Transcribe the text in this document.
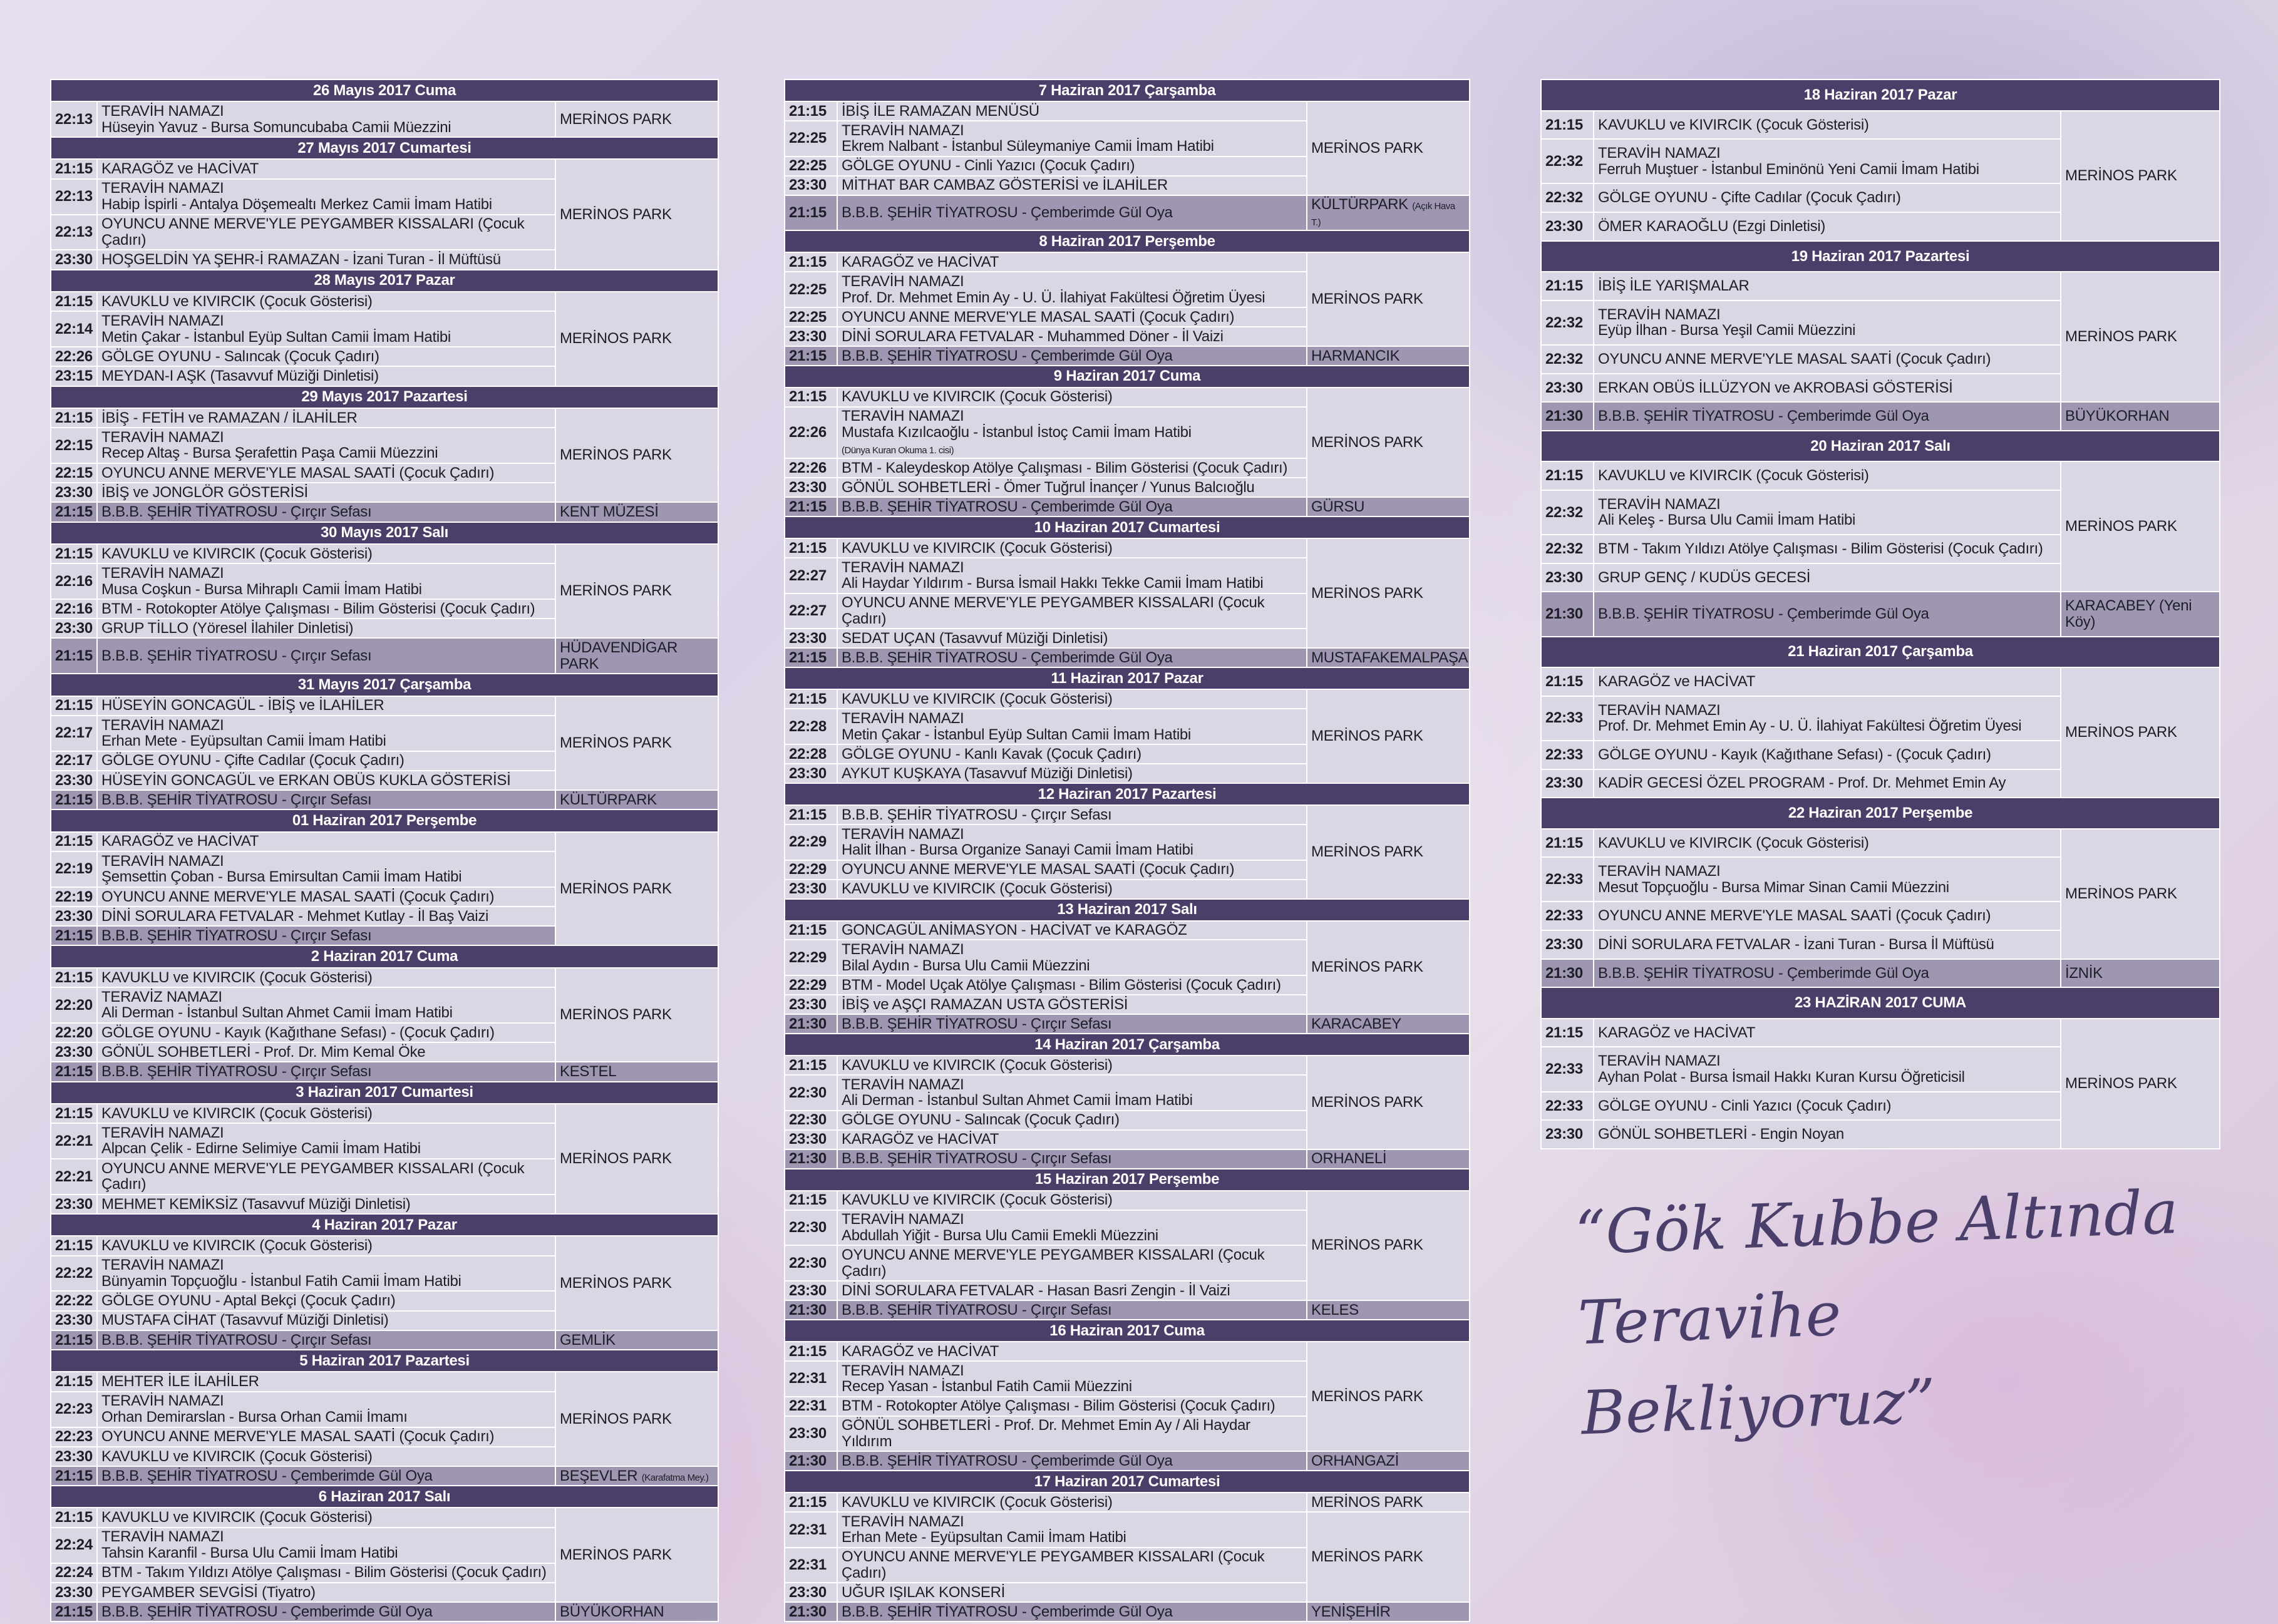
26 Mayıs 2017 Cuma			
22:13	TERAVİH NAMAZI
Hüseyin Yavuz - Bursa Somuncubaba Camii Müezzini	MERİNOS PARK	
27 Mayıs 2017 Cumartesi			
21:15	KARAGÖZ ve HACİVAT	MERİNOS PARK	
22:13	TERAVİH NAMAZI
Habip İspirli - Antalya Döşemealtı Merkez Camii İmam Hatibi		

22:13	OYUNCU ANNE MERVE'YLE PEYGAMBER KISSALARI (Çocuk Çadırı)		
23:30	HOŞGELDİN YA ŞEHR-İ RAMAZAN - İzani Turan - İl Müftüsü		
28 Mayıs 2017 Pazar			
21:15	KAVUKLU ve KIVIRCIK (Çocuk Gösterisi)	MERİNOS PARK	
22:14	TERAVİH NAMAZI
Metin Çakar - İstanbul Eyüp Sultan Camii İmam Hatibi		

22:26	GÖLGE OYUNU - Salıncak (Çocuk Çadırı)		
23:15	MEYDAN-I AŞK (Tasavvuf Müziği Dinletisi)		
29 Mayıs 2017 Pazartesi			
21:15	İBİŞ - FETİH ve RAMAZAN / İLAHİLER	MERİNOS PARK	
22:15	TERAVİH NAMAZI
Recep Altaş - Bursa Şerafettin Paşa Camii Müezzini		

22:15	OYUNCU ANNE MERVE'YLE MASAL SAATİ (Çocuk Çadırı)		
23:30	İBİŞ ve JONGLÖR GÖSTERİSİ		
21:15	B.B.B. ŞEHİR TİYATROSU - Çırçır Sefası	KENT MÜZESİ	
30 Mayıs 2017 Salı			
21:15	KAVUKLU ve KIVIRCIK (Çocuk Gösterisi)	MERİNOS PARK	
22:16	TERAVİH NAMAZI
Musa Coşkun - Bursa Mihraplı Camii İmam Hatibi		

22:16	BTM - Rotokopter Atölye Çalışması - Bilim Gösterisi (Çocuk Çadırı)		
23:30	GRUP TİLLO (Yöresel İlahiler Dinletisi)		
21:15	B.B.B. ŞEHİR TİYATROSU - Çırçır Sefası	HÜDAVENDİGAR PARK	
31 Mayıs 2017 Çarşamba			
21:15	HÜSEYİN GONCAGÜL - İBİŞ ve İLAHİLER	MERİNOS PARK	
22:17	TERAVİH NAMAZI
Erhan Mete - Eyüpsultan Camii İmam Hatibi		

22:17	GÖLGE OYUNU - Çifte Cadılar (Çocuk Çadırı)		
23:30	HÜSEYİN GONCAGÜL ve ERKAN OBÜS KUKLA GÖSTERİSİ		
21:15	B.B.B. ŞEHİR TİYATROSU - Çırçır Sefası	KÜLTÜRPARK	
01 Haziran 2017 Perşembe			
21:15	KARAGÖZ ve HACİVAT	MERİNOS PARK	
22:19	TERAVİH NAMAZI
Şemsettin Çoban - Bursa Emirsultan Camii İmam Hatibi		

22:19	OYUNCU ANNE MERVE'YLE MASAL SAATİ (Çocuk Çadırı)		
23:30	DİNİ SORULARA FETVALAR - Mehmet Kutlay - İl Baş Vaizi		
21:15	B.B.B. ŞEHİR TİYATROSU - Çırçır Sefası	
2 Haziran 2017 Cuma			
21:15	KAVUKLU ve KIVIRCIK (Çocuk Gösterisi)	MERİNOS PARK	
22:20	TERAVİZ NAMAZI
Ali Derman - İstanbul Sultan Ahmet Camii İmam Hatibi		

22:20	GÖLGE OYUNU - Kayık (Kağıthane Sefası) - (Çocuk Çadırı)		
23:30	GÖNÜL SOHBETLERİ - Prof. Dr. Mim Kemal Öke		
21:15	B.B.B. ŞEHİR TİYATROSU - Çırçır Sefası	KESTEL	
3 Haziran 2017 Cumartesi			
21:15	KAVUKLU ve KIVIRCIK (Çocuk Gösterisi)	MERİNOS PARK	
22:21	TERAVİH NAMAZI
Alpcan Çelik - Edirne Selimiye Camii İmam Hatibi		

22:21	OYUNCU ANNE MERVE'YLE PEYGAMBER KISSALARI (Çocuk Çadırı)		
23:30	MEHMET KEMİKSİZ (Tasavvuf Müziği Dinletisi)		
4 Haziran 2017 Pazar			
21:15	KAVUKLU ve KIVIRCIK (Çocuk Gösterisi)	MERİNOS PARK	
22:22	TERAVİH NAMAZI
Bünyamin Topçuoğlu - İstanbul Fatih Camii İmam Hatibi		

22:22	GÖLGE OYUNU - Aptal Bekçi (Çocuk Çadırı)		
23:30	MUSTAFA CİHAT (Tasavvuf Müziği Dinletisi)		
21:15	B.B.B. ŞEHİR TİYATROSU - Çırçır Sefası	GEMLİK	
5 Haziran 2017 Pazartesi			
21:15	MEHTER İLE İLAHİLER	MERİNOS PARK	
22:23	TERAVİH NAMAZI
Orhan Demirarslan - Bursa Orhan Camii İmamı		

22:23	OYUNCU ANNE MERVE'YLE MASAL SAATİ (Çocuk Çadırı)		
23:30	KAVUKLU ve KIVIRCIK (Çocuk Gösterisi)		
21:15	B.B.B. ŞEHİR TİYATROSU - Çemberimde Gül Oya	BEŞEVLER (Karafatma Mey.)	
6 Haziran 2017 Salı			
21:15	KAVUKLU ve KIVIRCIK (Çocuk Gösterisi)	MERİNOS PARK	
22:24	TERAVİH NAMAZI
Tahsin Karanfil - Bursa Ulu Camii İmam Hatibi		

22:24	BTM - Takım Yıldızı Atölye Çalışması - Bilim Gösterisi (Çocuk Çadırı)		
23:30	PEYGAMBER SEVGİSİ (Tiyatro)		
21:15	B.B.B. ŞEHİR TİYATROSU - Çemberimde Gül Oya	BÜYÜKORHAN	
7 Haziran 2017 Çarşamba		
21:15	İBİŞ İLE RAMAZAN MENÜSÜ	MERİNOS PARK
22:25	TERAVİH NAMAZI
Ekrem Nalbant - İstanbul Süleymaniye Camii İmam Hatibi	

22:25	GÖLGE OYUNU - Cinli Yazıcı (Çocuk Çadırı)	
23:30	MİTHAT BAR CAMBAZ GÖSTERİSİ ve İLAHİLER	
21:15	B.B.B. ŞEHİR TİYATROSU - Çemberimde Gül Oya	KÜLTÜRPARK (Açık Hava T.)
8 Haziran 2017 Perşembe		
21:15	KARAGÖZ ve HACİVAT	MERİNOS PARK
22:25	TERAVİH NAMAZI
Prof. Dr. Mehmet Emin Ay - U. Ü. İlahiyat Fakültesi Öğretim Üyesi	

22:25	OYUNCU ANNE MERVE'YLE MASAL SAATİ (Çocuk Çadırı)	
23:30	DİNİ SORULARA FETVALAR - Muhammed Döner - İl Vaizi	
21:15	B.B.B. ŞEHİR TİYATROSU - Çemberimde Gül Oya	HARMANCIK
9 Haziran 2017 Cuma		
21:15	KAVUKLU ve KIVIRCIK (Çocuk Gösterisi)	MERİNOS PARK
22:26	TERAVİH NAMAZI
Mustafa Kızılcaoğlu - İstanbul İstoç Camii İmam Hatibi
(Dünya Kuran Okuma 1. cisi)	
22:26	BTM - Kaleydeskop Atölye Çalışması - Bilim Gösterisi (Çocuk Çadırı)	
23:30	GÖNÜL SOHBETLERİ - Ömer Tuğrul İnançer / Yunus Balcıoğlu	
21:15	B.B.B. ŞEHİR TİYATROSU - Çemberimde Gül Oya	GÜRSU
10 Haziran 2017 Cumartesi		
21:15	KAVUKLU ve KIVIRCIK (Çocuk Gösterisi)	MERİNOS PARK
22:27	TERAVİH NAMAZI
Ali Haydar Yıldırım - Bursa İsmail Hakkı Tekke Camii İmam Hatibi	

22:27	OYUNCU ANNE MERVE'YLE PEYGAMBER KISSALARI (Çocuk Çadırı)	
23:30	SEDAT UÇAN (Tasavvuf Müziği Dinletisi)	
21:15	B.B.B. ŞEHİR TİYATROSU - Çemberimde Gül Oya	MUSTAFAKEMALPAŞA
11 Haziran 2017 Pazar		
21:15	KAVUKLU ve KIVIRCIK (Çocuk Gösterisi)	MERİNOS PARK
22:28	TERAVİH NAMAZI
Metin Çakar - İstanbul Eyüp Sultan Camii İmam Hatibi	

22:28	GÖLGE OYUNU - Kanlı Kavak (Çocuk Çadırı)	
23:30	AYKUT KUŞKAYA (Tasavvuf Müziği Dinletisi)	
12 Haziran 2017 Pazartesi		
21:15	B.B.B. ŞEHİR TİYATROSU - Çırçır Sefası	MERİNOS PARK
22:29	TERAVİH NAMAZI
Halit İlhan - Bursa Organize Sanayi Camii İmam Hatibi	

22:29	OYUNCU ANNE MERVE'YLE MASAL SAATİ (Çocuk Çadırı)	
23:30	KAVUKLU ve KIVIRCIK (Çocuk Gösterisi)	
13 Haziran 2017 Salı		
21:15	GONCAGÜL ANİMASYON - HACİVAT ve KARAGÖZ	MERİNOS PARK
22:29	TERAVİH NAMAZI
Bilal Aydın - Bursa Ulu Camii Müezzini	

22:29	BTM - Model Uçak Atölye Çalışması - Bilim Gösterisi (Çocuk Çadırı)	
23:30	İBİŞ ve AŞÇI RAMAZAN USTA GÖSTERİSİ	
21:30	B.B.B. ŞEHİR TİYATROSU - Çırçır Sefası	KARACABEY
14 Haziran 2017 Çarşamba		
21:15	KAVUKLU ve KIVIRCIK (Çocuk Gösterisi)	MERİNOS PARK
22:30	TERAVİH NAMAZI
Ali Derman - İstanbul Sultan Ahmet Camii İmam Hatibi	

22:30	GÖLGE OYUNU - Salıncak (Çocuk Çadırı)	
23:30	KARAGÖZ ve HACİVAT	
21:30	B.B.B. ŞEHİR TİYATROSU - Çırçır Sefası	ORHANELİ
15 Haziran 2017 Perşembe		
21:15	KAVUKLU ve KIVIRCIK (Çocuk Gösterisi)	MERİNOS PARK
22:30	TERAVİH NAMAZI
Abdullah Yiğit - Bursa Ulu Camii Emekli Müezzini	

22:30	OYUNCU ANNE MERVE'YLE PEYGAMBER KISSALARI (Çocuk Çadırı)	
23:30	DİNİ SORULARA FETVALAR - Hasan Basri Zengin - İl Vaizi	
21:30	B.B.B. ŞEHİR TİYATROSU - Çırçır Sefası	KELES
16 Haziran 2017 Cuma		
21:15	KARAGÖZ ve HACİVAT	MERİNOS PARK
22:31	TERAVİH NAMAZI
Recep Yasan - İstanbul Fatih Camii Müezzini	

22:31	BTM - Rotokopter Atölye Çalışması - Bilim Gösterisi (Çocuk Çadırı)	
23:30	GÖNÜL SOHBETLERİ - Prof. Dr. Mehmet Emin Ay / Ali Haydar Yıldırım	
21:30	B.B.B. ŞEHİR TİYATROSU - Çemberimde Gül Oya	ORHANGAZİ
17 Haziran 2017 Cumartesi		
21:15	KAVUKLU ve KIVIRCIK (Çocuk Gösterisi)	MERİNOS PARK
22:31	TERAVİH NAMAZI
Erhan Mete - Eyüpsultan Camii İmam Hatibi	MERİNOS PARK
22:31	OYUNCU ANNE MERVE'YLE PEYGAMBER KISSALARI (Çocuk Çadırı)	
23:30	UĞUR IŞILAK KONSERİ	
21:30	B.B.B. ŞEHİR TİYATROSU - Çemberimde Gül Oya	YENİŞEHİR
18 Haziran 2017 Pazar		
21:15	KAVUKLU ve KIVIRCIK (Çocuk Gösterisi)	MERİNOS PARK
22:32	TERAVİH NAMAZI
Ferruh Muştuer - İstanbul Eminönü Yeni Camii İmam Hatibi	

22:32	GÖLGE OYUNU - Çifte Cadılar (Çocuk Çadırı)	
23:30	ÖMER KARAOĞLU (Ezgi Dinletisi)	
19 Haziran 2017 Pazartesi		
21:15	İBİŞ İLE YARIŞMALAR	MERİNOS PARK
22:32	TERAVİH NAMAZI
Eyüp İlhan - Bursa Yeşil Camii Müezzini	

22:32	OYUNCU ANNE MERVE'YLE MASAL SAATİ (Çocuk Çadırı)	
23:30	ERKAN OBÜS İLLÜZYON ve AKROBASİ GÖSTERİSİ	
21:30	B.B.B. ŞEHİR TİYATROSU - Çemberimde Gül Oya	BÜYÜKORHAN
20 Haziran 2017 Salı		
21:15	KAVUKLU ve KIVIRCIK (Çocuk Gösterisi)	MERİNOS PARK
22:32	TERAVİH NAMAZI
Ali Keleş - Bursa Ulu Camii İmam Hatibi	

22:32	BTM - Takım Yıldızı Atölye Çalışması - Bilim Gösterisi (Çocuk Çadırı)	
23:30	GRUP GENÇ / KUDÜS GECESİ	
21:30	B.B.B. ŞEHİR TİYATROSU - Çemberimde Gül Oya	KARACABEY (Yeni Köy)
21 Haziran 2017 Çarşamba		
21:15	KARAGÖZ ve HACİVAT	MERİNOS PARK
22:33	TERAVİH NAMAZI
Prof. Dr. Mehmet Emin Ay - U. Ü. İlahiyat Fakültesi Öğretim Üyesi	

22:33	GÖLGE OYUNU - Kayık (Kağıthane Sefası) - (Çocuk Çadırı)	
23:30	KADİR GECESİ ÖZEL PROGRAM - Prof. Dr. Mehmet Emin Ay	
22 Haziran 2017 Perşembe		
21:15	KAVUKLU ve KIVIRCIK (Çocuk Gösterisi)	MERİNOS PARK
22:33	TERAVİH NAMAZI
Mesut Topçuoğlu - Bursa Mimar Sinan Camii Müezzini	

22:33	OYUNCU ANNE MERVE'YLE MASAL SAATİ (Çocuk Çadırı)	
23:30	DİNİ SORULARA FETVALAR - İzani Turan - Bursa İl Müftüsü	
21:30	B.B.B. ŞEHİR TİYATROSU - Çemberimde Gül Oya	İZNİK
23 HAZİRAN 2017 CUMA		
21:15	KARAGÖZ ve HACİVAT	MERİNOS PARK
22:33	TERAVİH NAMAZI
Ayhan Polat - Bursa İsmail Hakkı Kuran Kursu Öğreticisil	

22:33	GÖLGE OYUNU - Cinli Yazıcı (Çocuk Çadırı)	
23:30	GÖNÜL SOHBETLERİ - Engin Noyan	
“Gök Kubbe Altında
Teravihe Bekliyoruz”
